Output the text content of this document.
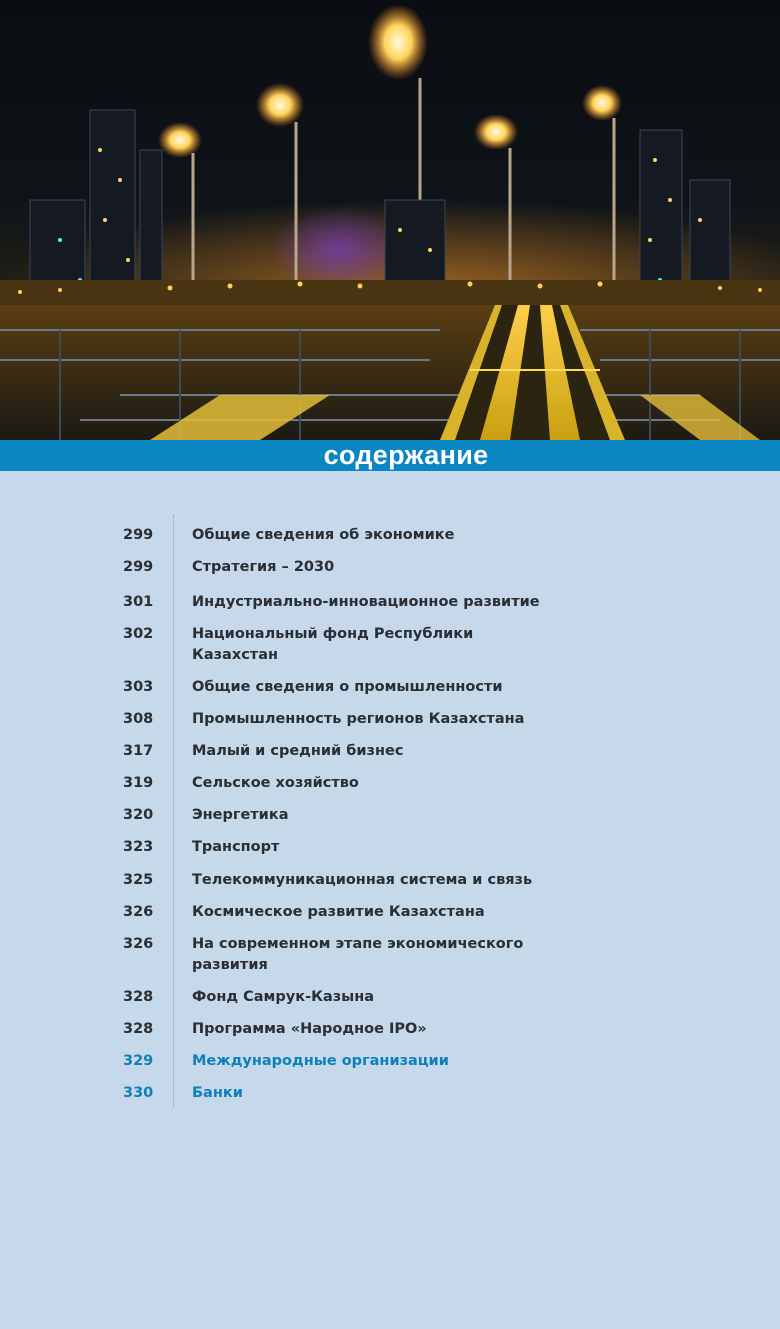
содержание
299	Общие сведения об экономике
299	Стратегия – 2030
301	Индустриально-инновационное развитие
302	Национальный фонд Республики Казахстан
303	Общие сведения о промышленности
308	Промышленность регионов Казахстана
317	Малый и средний бизнес
319	Сельское хозяйство
320	Энергетика
323	Транспорт
325	Телекоммуникационная система и связь
326	Космическое развитие Казахстана
326	На современном этапе экономического развития
328	Фонд Самрук-Казына
328	Программа «Народное IPO»
329	Международные организации
330	Банки
